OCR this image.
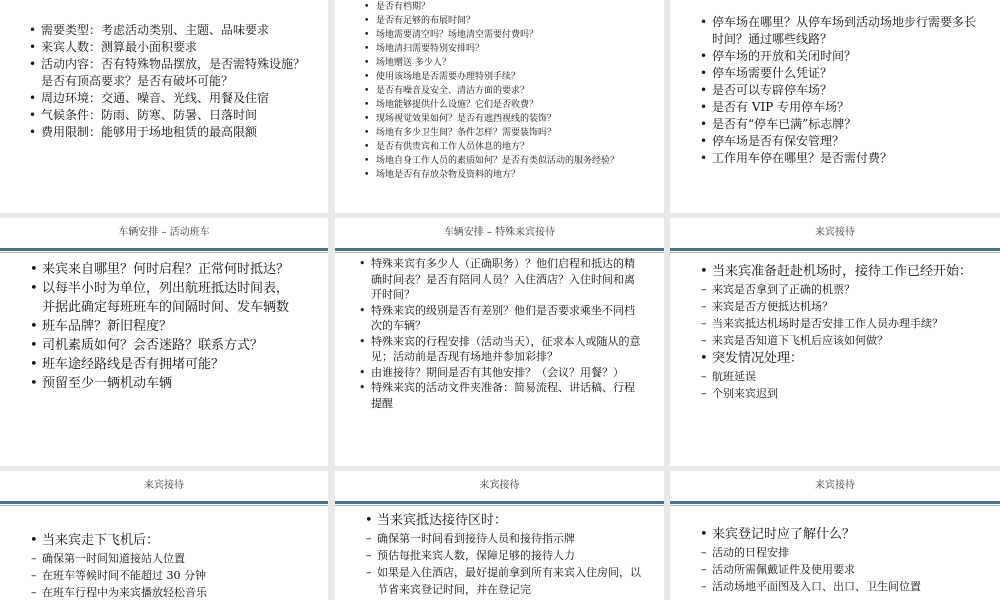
• 需要类型：考虑活动类别、主题、品味要求
• 来宾人数：测算最小面积要求
• 活动内容：否有特殊物品摆放，是否需特殊设施？是否有顶高要求？是否有破坏可能？
• 周边环境：交通、噪音、光线、用餐及住宿
• 气候条件：防雨、防寒、防暑、日落时间
• 费用限制：能够用于场地租赁的最高限额
• 是否有档期？
• 是否有足够的布展时间？
• 场地需要清空吗？场地清空需要付费吗？
• 场地清扫需要特别安排吗？
• 场地赠送 多少人？
• 使用该场地是否需要办理特别手续？
• 是否有噪音及安全、清洁方面的要求？
• 场地能够提供什么设施？它们是否收费？
• 现场视觉效果如何？是否有遮挡视线的装饰？
• 场地有多少卫生间？条件怎样？需要装饰吗？
• 是否有供贵宾和工作人员休息的地方？
• 场地自身工作人员的素质如何？是否有类似活动的服务经验？
• 场地是否有存放杂物及资料的地方？
• 停车场在哪里？从停车场到活动场地步行需要多长时间？通过哪些线路？
• 停车场的开放和关闭时间？
• 停车场需要什么凭证？
• 是否可以专辟停车场？
• 是否有 VIP 专用停车场？
• 是否有“停车已满”标志牌？
• 停车场是否有保安管理？
• 工作用车停在哪里？是否需付费？
车辆安排 – 活动班车
• 来宾来自哪里？何时启程？正常何时抵达？
• 以每半小时为单位，列出航班抵达时间表，并据此确定每班班车的间隔时间、发车辆数
• 班车品牌？新旧程度？
• 司机素质如何？会否迷路？联系方式？
• 班车途经路线是否有拥堵可能？
• 预留至少一辆机动车辆
车辆安排 – 特殊来宾接待
• 特殊来宾有多少人（正确职务）？他们启程和抵达的精确时间表？是否有陪同人员？入住酒店？入住时间和离开时间？
• 特殊来宾的级别是否有差别？他们是否要求乘坐不同档次的车辆？
• 特殊来宾的行程安排（活动当天），征求本人或随从的意见；活动前是否现有场地并参加彩排？
• 由谁接待？期间是否有其他安排？（会议？用餐？）
• 特殊来宾的活动文件夹准备：简易流程、讲话稿、行程提醒
来宾接待
• 当来宾准备赶赴机场时，接待工作已经开始：
– 来宾是否拿到了正确的机票？
– 来宾是否方便抵达机场？
– 当来宾抵达机场时是否安排工作人员办理手续？
– 来宾是否知道下飞机后应该如何做？
• 突发情况处理：
– 航班延误
– 个别来宾迟到
来宾接待
• 当来宾走下飞机后：
– 确保第一时间知道接站人位置
– 在班车等候时间不能超过 30 分钟
– 在班车行程中为来宾播放轻松音乐
来宾接待
• 当来宾抵达接待区时：
– 确保第一时间看到接待人员和接待指示牌
– 预估每批来宾人数，保障足够的接待人力
– 如果是入住酒店，最好提前拿到所有来宾入住房间，以节省来宾登记时间，并在登记完
来宾接待
• 来宾登记时应了解什么？
– 活动的日程安排
– 活动所需佩戴证件及使用要求
– 活动场地平面图及入口、出口、卫生间位置
